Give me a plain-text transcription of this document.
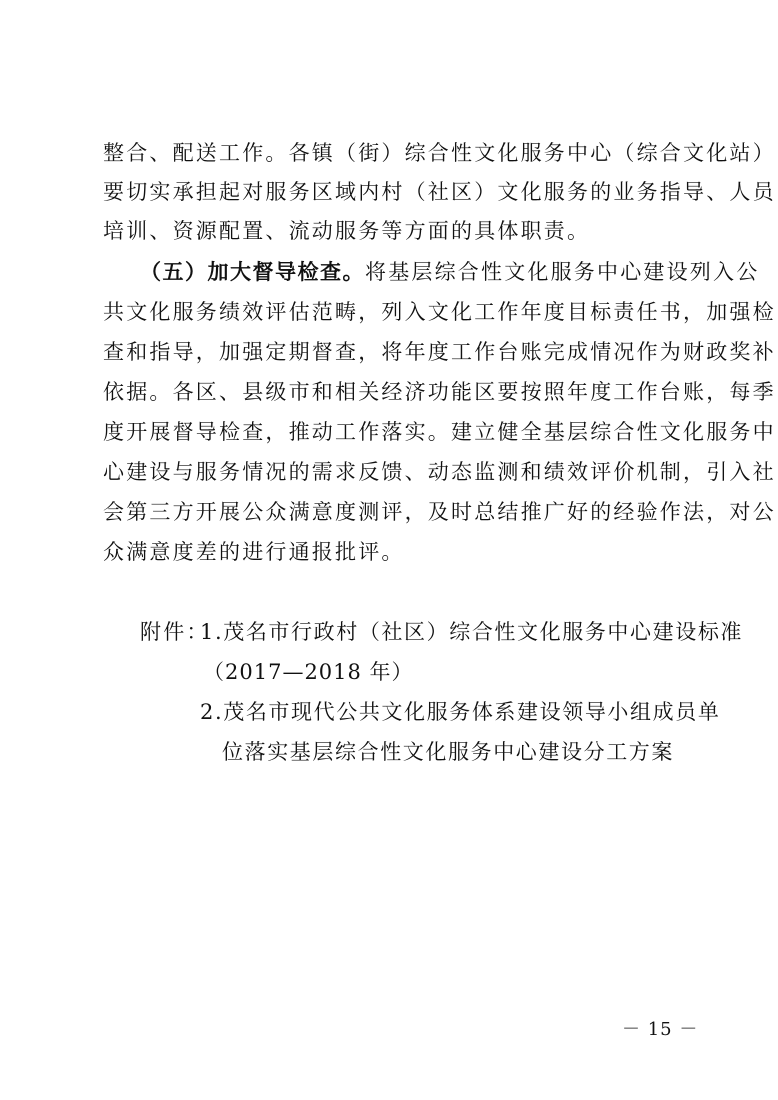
整合、配送工作。各镇（街）综合性文化服务中心（综合文化站）
要切实承担起对服务区域内村（社区）文化服务的业务指导、人员
培训、资源配置、流动服务等方面的具体职责。
（五）加大督导检查。将基层综合性文化服务中心建设列入公
共文化服务绩效评估范畴，列入文化工作年度目标责任书，加强检
查和指导，加强定期督查，将年度工作台账完成情况作为财政奖补
依据。各区、县级市和相关经济功能区要按照年度工作台账，每季
度开展督导检查，推动工作落实。建立健全基层综合性文化服务中
心建设与服务情况的需求反馈、动态监测和绩效评价机制，引入社
会第三方开展公众满意度测评，及时总结推广好的经验作法，对公
众满意度差的进行通报批评。
附件：
1.茂名市行政村（社区）综合性文化服务中心建设标准
（2017—2018 年）
2.茂名市现代公共文化服务体系建设领导小组成员单
位落实基层综合性文化服务中心建设分工方案
－ 15 －
